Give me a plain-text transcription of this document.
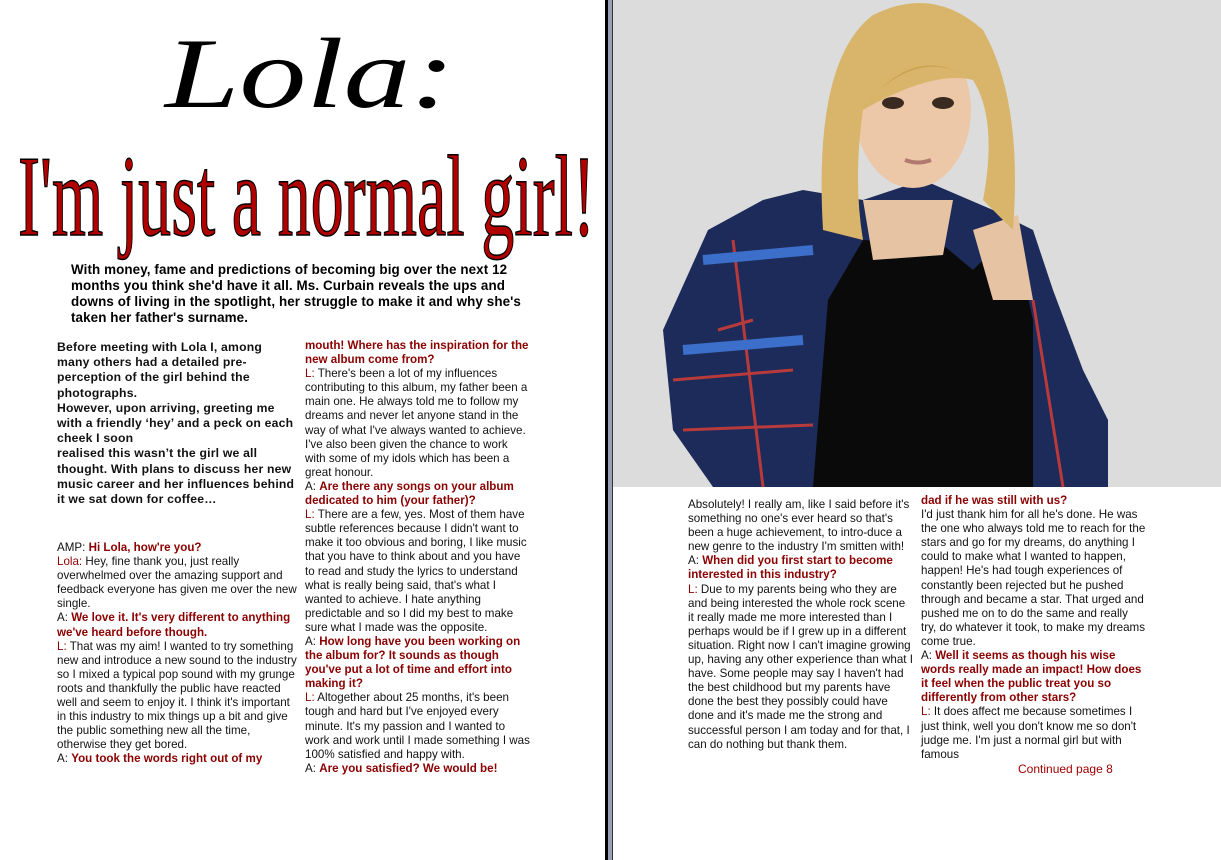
Lola:
I'm just a normal girl!
With money, fame and predictions of becoming big over the next 12 months you think she'd have it all. Ms. Curbain reveals the ups and downs of living in the spotlight, her struggle to make it and why she's taken her father's surname.

Before meeting with Lola I, among many others had a detailed pre-perception of the girl behind the photographs.

However, upon arriving, greeting me with a friendly ‘hey’ and a peck on each cheek I soon

realised this wasn’t the girl we all thought. With plans to discuss her new music career and her influences behind it we sat down for coffee…

AMP: Hi Lola, how're you?

Lola: Hey, fine thank you, just really overwhelmed over the amazing support and feedback everyone has given me over the new single.

A: We love it. It's very different to anything we've heard before though.

L: That was my aim! I wanted to try something new and introduce a new sound to the industry so I mixed a typical pop sound with my grunge roots and thankfully the public have reacted well and seem to enjoy it. I think it's important in this industry to mix things up a bit and give the public something new all the time, otherwise they get bored.

A: You took the words right out of my

mouth! Where has the inspiration for the new album come from?

L: There's been a lot of my influences contributing to this album, my father been a main one. He always told me to follow my dreams and never let anyone stand in the way of what I've always wanted to achieve. I've also been given the chance to work with some of my idols which has been a great honour.

A: Are there any songs on your album dedicated to him (your father)?

L: There are a few, yes. Most of them have subtle references because I didn't want to make it too obvious and boring, I like music that you have to think about and you have to read and study the lyrics to understand what is really being said, that's what I wanted to achieve. I hate anything predictable and so I did my best to make sure what I made was the opposite.

A: How long have you been working on the album for? It sounds as though you've put a lot of time and effort into making it?

L: Altogether about 25 months, it's been tough and hard but I've enjoyed every minute. It's my passion and I wanted to work and work until I made something I was 100% satisfied and happy with.

A: Are you satisfied? We would be!

Absolutely! I really am, like I said before it's something no one's ever heard so that's been a huge achievement, to intro-duce a new genre to the industry I'm smitten with!

A: When did you first start to become interested in this industry?

L: Due to my parents being who they are and being interested the whole rock scene it really made me more interested than I perhaps would be if I grew up in a different situation. Right now I can't imagine growing up, having any other experience than what I have. Some people may say I haven't had the best childhood but my parents have done the best they possibly could have done and it's made me the strong and successful person I am today and for that, I can do nothing but thank them.

dad if he was still with us?

I'd just thank him for all he's done. He was the one who always told me to reach for the stars and go for my dreams, do anything I could to make what I wanted to happen, happen! He's had tough experiences of constantly been rejected but he pushed through and became a star. That urged and pushed me on to do the same and really try, do whatever it took, to make my dreams come true.

A: Well it seems as though his wise words really made an impact! How does it feel when the public treat you so differently from other stars?

L: It does affect me because sometimes I just think, well you don't know me so don't judge me. I'm just a normal girl but with famous

Continued page 8
